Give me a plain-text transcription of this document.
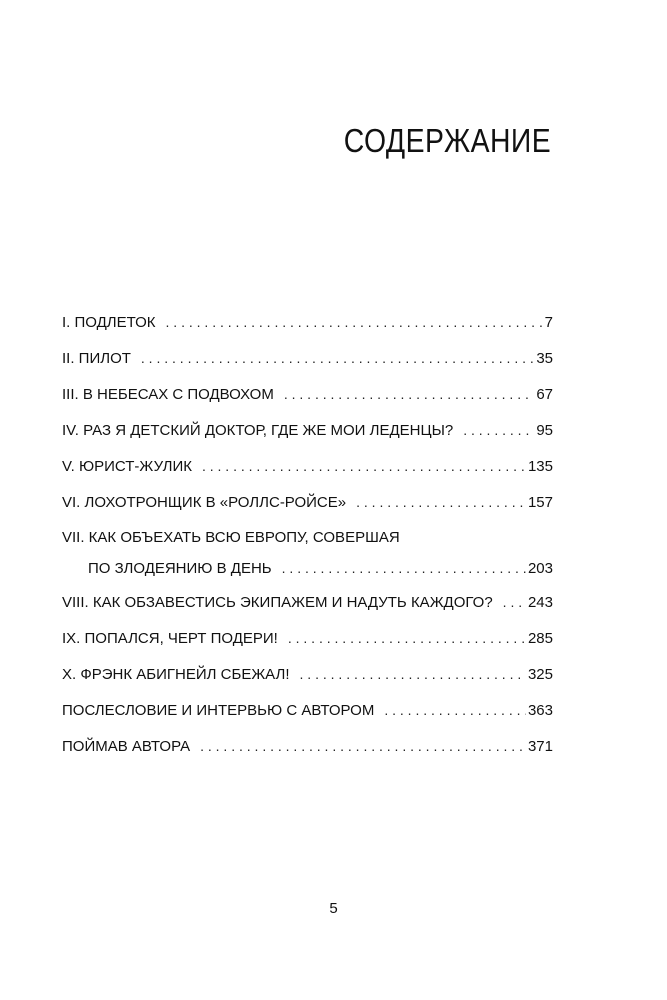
СОДЕРЖАНИЕ
I. ПОДЛЕТОК . . .	7
II. ПИЛОТ . . .	35
III. В НЕБЕСАХ С ПОДВОХОМ . . .	67
IV. РАЗ Я ДЕТСКИЙ ДОКТОР, ГДЕ ЖЕ МОИ ЛЕДЕНЦЫ? . . .	95
V. ЮРИСТ-ЖУЛИК . . .	135
VI. ЛОХОТРОНЩИК В «РОЛЛС-РОЙСЕ» . . .	157
VII. КАК ОБЪЕХАТЬ ВСЮ ЕВРОПУ, СОВЕРШАЯ
ПО ЗЛОДЕЯНИЮ В ДЕНЬ . . .	203
VIII. КАК ОБЗАВЕСТИСЬ ЭКИПАЖЕМ И НАДУТЬ КАЖДОГО? . . .	243
IX. ПОПАЛСЯ, ЧЕРТ ПОДЕРИ! . . .	285
X. ФРЭНК АБИГНЕЙЛ СБЕЖАЛ! . . .	325
ПОСЛЕСЛОВИЕ И ИНТЕРВЬЮ С АВТОРОМ . . .	363
ПОЙМАВ АВТОРА . . .	371
5
